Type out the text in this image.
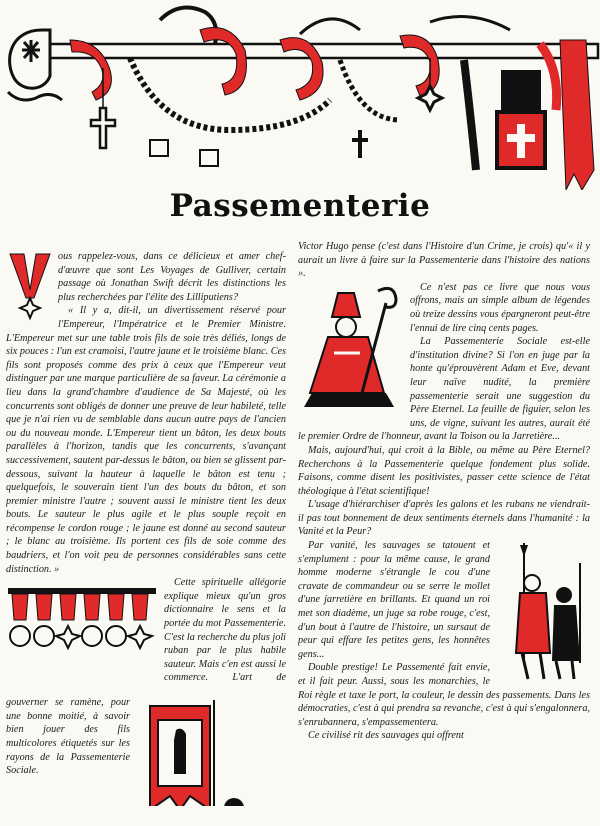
Passementerie

ous rappelez-vous, dans ce délicieux et amer chef-d'œuvre que sont Les Voyages de Gulliver, certain passage où Jonathan Swift décrit les distinctions les plus recherchées par l'élite des Lilliputiens?

« Il y a, dit-il, un divertissement réservé pour l'Empereur, l'Impératrice et le Premier Ministre. L'Empereur met sur une table trois fils de soie très déliés, longs de six pouces : l'un est cramoisi, l'autre jaune et le troisième blanc. Ces fils sont proposés comme des prix à ceux que l'Empereur veut distinguer par une marque particulière de sa faveur. La cérémonie a lieu dans la grand'chambre d'audience de Sa Majesté, où les concurrents sont obligés de donner une preuve de leur habileté, telle que je n'ai rien vu de semblable dans aucun autre pays de l'ancien ou du nouveau monde. L'Empereur tient un bâton, les deux bouts parallèles à l'horizon, tandis que les concurrents, s'avançant successivement, sautent par-dessus le bâton, ou bien se glissent par-dessous, suivant la hauteur à laquelle le bâton est tenu ; quelquefois, le souverain tient l'un des bouts du bâton, et son premier ministre l'autre ; souvent aussi le ministre tient les deux bouts. Le sauteur le plus agile et le plus souple reçoit en récompense le cordon rouge ; le jaune est donné au second sauteur ; le blanc au troisième. Ils portent ces fils de soie comme des baudriers, et l'on voit peu de personnes considérables sans cette distinction. »

Cette spirituelle allégorie explique mieux qu'un gros dictionnaire le sens et la portée du mot Passementerie. C'est la recherche du plus joli ruban par le plus habile sauteur. Mais c'en est aussi le commerce. L'art de gouverner se ramène, pour une bonne moitié, à savoir bien jouer des fils multicolores étiquetés sur les rayons de la Passementerie Sociale.

Victor Hugo pense (c'est dans l'Histoire d'un Crime, je crois) qu'« il y aurait un livre à faire sur la Passementerie dans l'histoire des nations ».

Ce n'est pas ce livre que nous vous offrons, mais un simple album de légendes où treize dessins vous épargneront peut-être l'ennui de lire cinq cents pages.

La Passementerie Sociale est-elle d'institution divine? Si l'on en juge par la honte qu'éprouvèrent Adam et Eve, devant leur naïve nudité, la première passementerie serait une suggestion du Père Eternel. La feuille de figuier, selon les uns, de vigne, suivant les autres, aurait été le premier Ordre de l'honneur, avant la Toison ou la Jarretière...

Mais, aujourd'hui, qui croit à la Bible, ou même au Père Eternel? Recherchons à la Passementerie quelque fondement plus solide. Faisons, comme disent les positivistes, passer cette science de l'état théologique à l'état scientifique!

L'usage d'hiérarchiser d'après les galons et les rubans ne viendrait-il pas tout bonnement de deux sentiments éternels dans l'humanité : la Vanité et la Peur?

Par vanité, les sauvages se tatouent et s'emplument : pour la même cause, le grand homme moderne s'étrangle le cou d'une cravate de commandeur ou se serre le mollet d'une jarretière en brillants. Et quand un roi met son diadème, un juge sa robe rouge, c'est, d'un bout à l'autre de l'histoire, un sursaut de peur qui effare les petites gens, les honnêtes gens...

Double prestige! Le Passementé fait envie, et il fait peur. Aussi, sous les monarchies, le Roi règle et taxe le port, la couleur, le dessin des passements. Dans les démocraties, c'est à qui prendra sa revanche, c'est à qui s'engalonnera, s'enrubannera, s'empassementera.

Ce civilisé rit des sauvages qui offrent
